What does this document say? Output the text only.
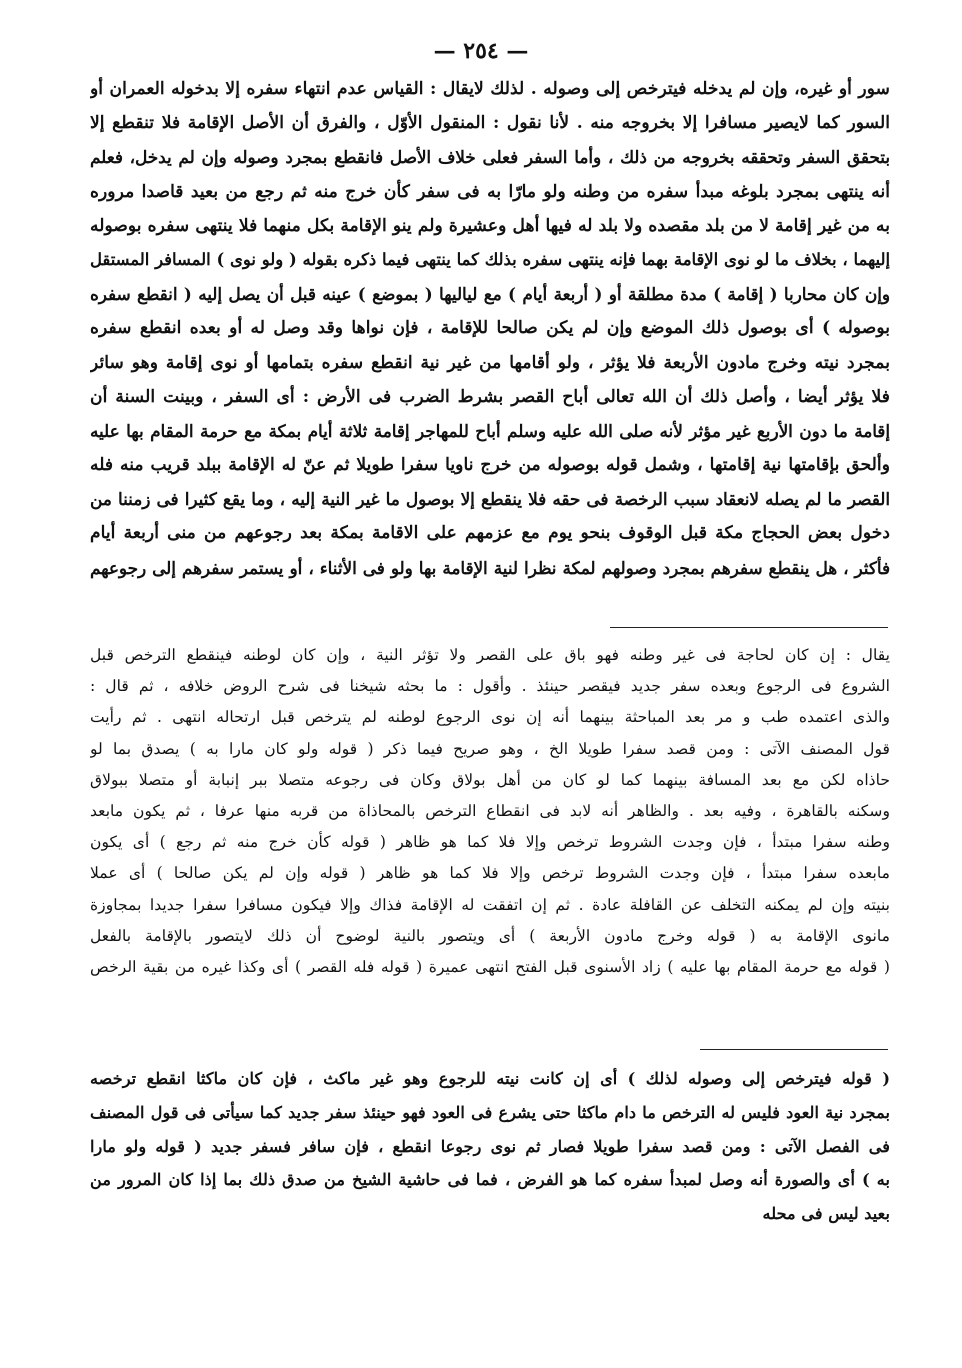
— ٢٥٤ —
سور أو غيره، وإن لم يدخله فيترخص إلى وصوله . لذلك لايقال : القياس عدم انتهاء سفره إلا بدخوله العمران أو
السور كما لايصير مسافرا إلا بخروجه منه . لأنا نقول : المنقول الأوّل ، والفرق أن الأصل الإقامة فلا تنقطع إلا
بتحقق السفر وتحققه بخروجه من ذلك ، وأما السفر فعلى خلاف الأصل فانقطع بمجرد وصوله وإن لم يدخل، فعلم
أنه ينتهى بمجرد بلوغه مبدأ سفره من وطنه ولو مارّا به فى سفر كأن خرج منه ثم رجع من بعيد قاصدا مروره
به من غير إقامة لا من بلد مقصده ولا بلد له فيها أهل وعشيرة ولم ينو الإقامة بكل منهما فلا ينتهى سفره بوصوله
إليهما ، بخلاف ما لو نوى الإقامة بهما فإنه ينتهى سفره بذلك كما ينتهى فيما ذكره بقوله ( ولو نوى ) المسافر المستقل
وإن كان محاربا ( إقامة ) مدة مطلقة أو ( أربعة أيام ) مع لياليها ( بموضع ) عينه قبل أن يصل إليه ( انقطع سفره
بوصوله ) أى بوصول ذلك الموضع وإن لم يكن صالحا للإقامة ، فإن نواها وقد وصل له أو بعده انقطع سفره
بمجرد نيته وخرج مادون الأربعة فلا يؤثر ، ولو أقامها من غير نية انقطع سفره بتمامها أو نوى إقامة وهو سائر
فلا يؤثر أيضا ، وأصل ذلك أن الله تعالى أباح القصر بشرط الضرب فى الأرض : أى السفر ، وبينت السنة أن
إقامة ما دون الأربع غير مؤثر لأنه صلى الله عليه وسلم أباح للمهاجر إقامة ثلاثة أيام بمكة مع حرمة المقام بها عليه
وألحق بإقامتها نية إقامتها ، وشمل قوله بوصوله من خرج ناويا سفرا طويلا ثم عنّ له الإقامة ببلد قريب منه فله
القصر ما لم يصله لانعقاد سبب الرخصة فى حقه فلا ينقطع إلا بوصول ما غير النية إليه ، وما يقع كثيرا فى زمننا من
دخول بعض الحجاج مكة قبل الوقوف بنحو يوم مع عزمهم على الاقامة بمكة بعد رجوعهم من منى أربعة أيام
فأكثر ، هل ينقطع سفرهم بمجرد وصولهم لمكة نظرا لنية الإقامة بها ولو فى الأثناء ، أو يستمر سفرهم إلى رجوعهم
يقال : إن كان لحاجة فى غير وطنه فهو باق على القصر ولا تؤثر النية ، وإن كان لوطنه فينقطع الترخص قبل
الشروع فى الرجوع وبعده سفر جديد فيقصر حينئذ . وأقول : ما بحثه شيخنا فى شرح الروض خلافه ، ثم قال :
والذى اعتمده طب و مر بعد المباحثة بينهما أنه إن نوى الرجوع لوطنه لم يترخص قبل ارتحاله انتهى . ثم رأيت
قول المصنف الآتى : ومن قصد سفرا طويلا الخ ، وهو صريح فيما ذكر ( قوله ولو كان مارا به ) يصدق بما لو
حاذاه لكن مع بعد المسافة بينهما كما لو كان من أهل بولاق وكان فى رجوعه متصلا ببر إنبابة أو متصلا ببولاق
وسكنه بالقاهرة ، وفيه بعد . والظاهر أنه لابد فى انقطاع الترخص بالمحاذاة من قربه منها عرفا ، ثم يكون مابعد
وطنه سفرا مبتدأ ، فإن وجدت الشروط ترخص وإلا فلا كما هو ظاهر ( قوله كأن خرج منه ثم رجع ) أى يكون
مابعده سفرا مبتدأ ، فإن وجدت الشروط ترخص وإلا فلا كما هو ظاهر ( قوله وإن لم يكن صالحا ) أى عملا
بنيته وإن لم يمكنه التخلف عن القافلة عادة . ثم إن اتفقت له الإقامة فذاك وإلا فيكون مسافرا سفرا جديدا بمجاوزة
مانوى الإقامة به ( قوله وخرج مادون الأربعة ) أى ويتصور بالنية لوضوح أن ذلك لايتصور بالإقامة بالفعل
( قوله مع حرمة المقام بها عليه ) زاد الأسنوى قبل الفتح انتهى عميرة ( قوله فله القصر ) أى وكذا غيره من بقية الرخص
( قوله فيترخص إلى وصوله لذلك ) أى إن كانت نيته للرجوع وهو غير ماكث ، فإن كان ماكثا انقطع ترخصه
بمجرد نية العود فليس له الترخص ما دام ماكثا حتى يشرع فى العود فهو حينئذ سفر جديد كما سيأتى فى قول المصنف
فى الفصل الآتى : ومن قصد سفرا طويلا فصار ثم نوى رجوعا انقطع ، فإن سافر فسفر جديد ( قوله ولو مارا
به ) أى والصورة أنه وصل لمبدأ سفره كما هو الفرض ، فما فى حاشية الشيخ من صدق ذلك بما إذا كان المرور من
بعيد ليس فى محله
